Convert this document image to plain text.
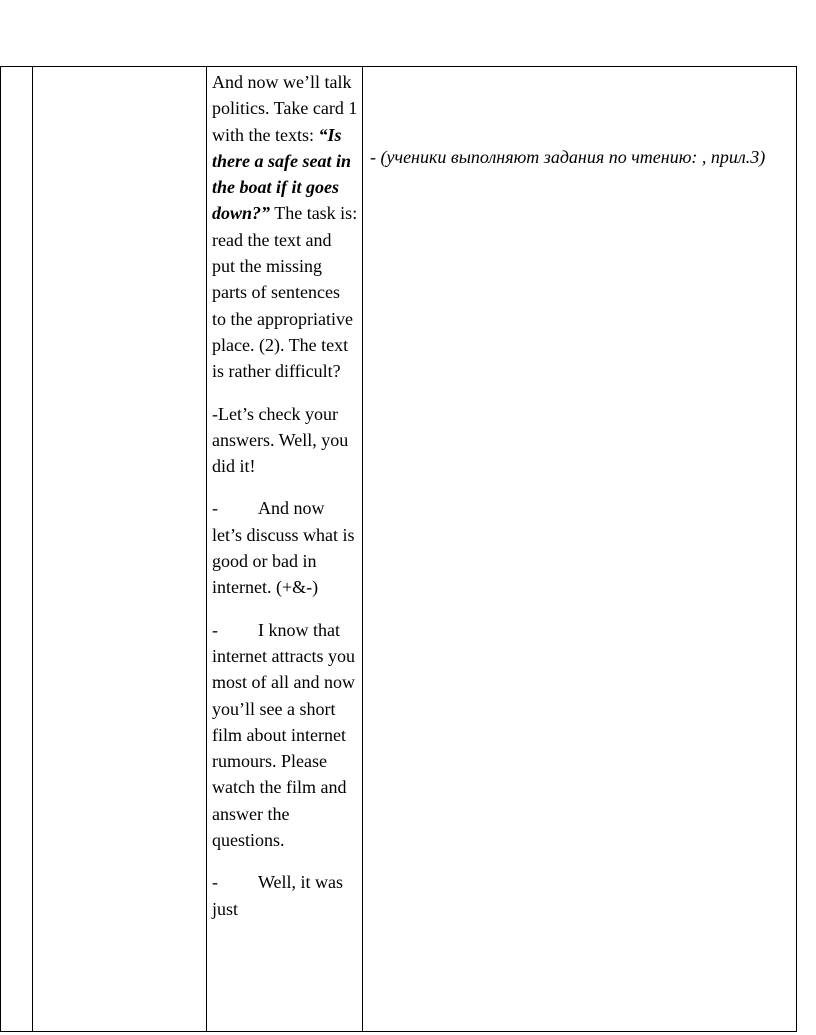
And now we’ll talk politics. Take card 1 with the texts: “Is there a safe seat in the boat if it goes down?” The task is: read the text and put the missing parts of sentences to the appropriative place. (2). The text is rather difficult?

-Let’s check your answers. Well, you did it!

- And now let’s discuss what is good or bad in internet. (+&-)

- I know that internet attracts you most of all and now you’ll see a short film about internet rumours. Please watch the film and answer the questions.

- Well, it was just

- (ученики выполняют задания по чтению: , прил.3)
